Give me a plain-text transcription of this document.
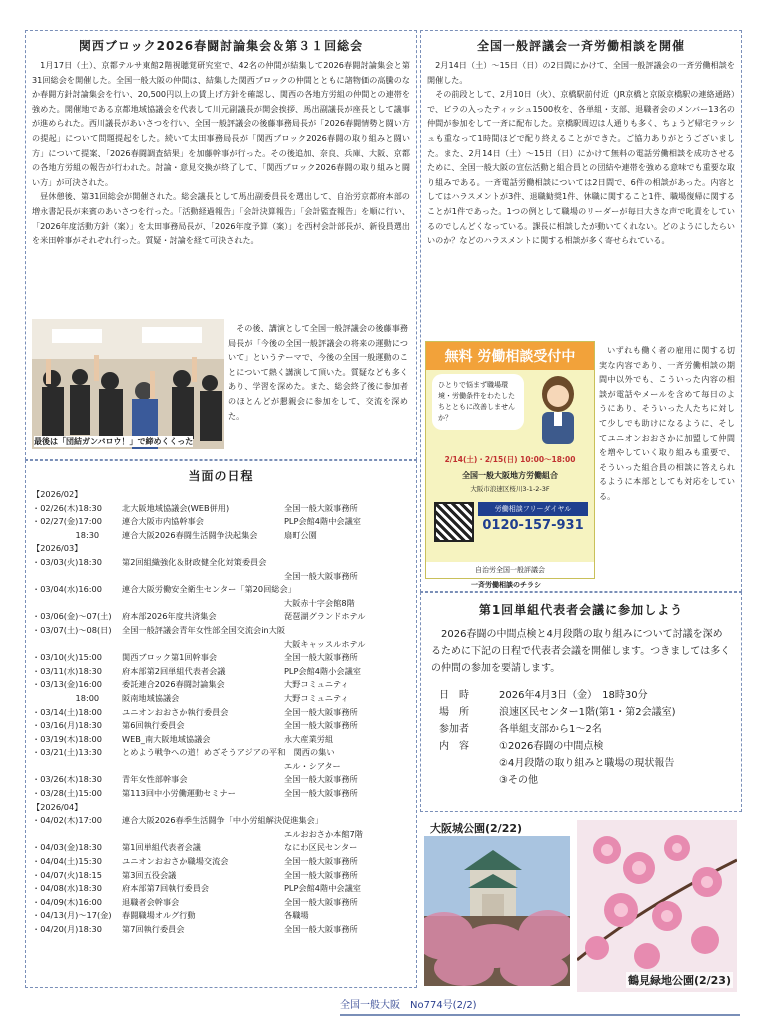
関西ブロック2026春闘討論集会＆第３１回総会

1月17日（土）、京都テルサ東館2階視聴覚研究室で、42名の仲間が結集して2026春闘討論集会と第31回総会を開催した。全国一般大阪の仲間は、結集した関西ブロックの仲間とともに諸物価の高騰のなか春闘方針討論集会を行い、20,500円以上の賃上げ方針を確認し、関西の各地方労組の仲間との連帯を強めた。開催地である京都地域協議会を代表して川元副議長が開会挨拶、馬出副議長が座長として議事が進められた。西川議長があいさつを行い、全国一般評議会の後藤事務局長が「2026春闘情勢と闘い方の提起」について問題提起をした。続いて太田事務局長が「関西ブロック2026春闘の取り組みと闘い方」について提案、「2026春闘調査結果」を加藤幹事が行った。その後追加、奈良、兵庫、大阪、京都の各地方労組の報告が行われた。討論・意見交換が終了して、「関西ブロック2026春闘の取り組みと闘い方」が可決された。

昼休憩後、第31回総会が開催された。総会議長として馬出副委員長を選出して、自治労京都府本部の増永書記長が来賓のあいさつを行った。「活動経過報告」「会計決算報告」「会計監査報告」を順に行い、「2026年度活動方針（案）」を太田事務局長が、「2026年度予算（案）」を西村会計部長が、新役員選出を米田幹事がそれぞれ行った。質疑・討論を経て可決された。

最後は「団結ガンバロウ！」で締めくくった

その後、講演として全国一般評議会の後藤事務局長が「今後の全国一般評議会の将来の運動について」というテーマで、今後の全国一般運動のことについて熱く講演して頂いた。質疑なども多くあり、学習を深めた。また、総会終了後に参加者のほとんどが懇親会に参加をして、交流を深めた。

当面の日程
【2026/02】
・02/26(木)18:30	北大阪地域協議会(WEB併用)	全国一般大阪事務所
・02/27(金)17:00	連合大阪市内協幹事会	PLP会館4階中会議室
　　　　　 18:30	連合大阪2026春闘生活闘争決起集会	扇町公園
【2026/03】
・03/03(火)18:30	第2回組織強化＆財政健全化対策委員会
全国一般大阪事務所
・03/04(水)16:00	連合大阪労働安全衛生センター「第20回総会」
大阪赤十字会館8階
・03/06(金)～07(土)	府本部2026年度共済集会	琵琶湖グランドホテル
・03/07(土)～08(日)	全国一般評議会青年女性部全国交流会in大阪
大阪キャッスルホテル
・03/10(火)15:00	関西ブロック第1回幹事会	全国一般大阪事務所
・03/11(水)18:30	府本部第2回単組代表者会議	PLP会館4階小会議室
・03/13(金)16:00	委託連合2026春闘討論集会	大野コミュニティ
　　　　　 18:00	阪南地域協議会	大野コミュニティ
・03/14(土)18:00	ユニオンおおさか執行委員会	全国一般大阪事務所
・03/16(月)18:30	第6回執行委員会	全国一般大阪事務所
・03/19(木)18:00	WEB_南大阪地域協議会	永大産業労組
・03/21(土)13:30	とめよう戦争への道！めざそうアジアの平和　関西の集い
エル・シアター
・03/26(木)18:30	青年女性部幹事会	全国一般大阪事務所
・03/28(土)15:00	第113回中小労働運動セミナー	全国一般大阪事務所
【2026/04】
・04/02(木)17:00	連合大阪2026春季生活闘争「中小労組解決促進集会」
エルおおさか本館7階
・04/03(金)18:30	第1回単組代表者会議	なにわ区民センター
・04/04(土)15:30	ユニオンおおさか職場交流会	全国一般大阪事務所
・04/07(火)18:15	第3回五役会議	全国一般大阪事務所
・04/08(水)18:30	府本部第7回執行委員会	PLP会館4階中会議室
・04/09(木)16:00	退職者会幹事会	全国一般大阪事務所
・04/13(月)～17(金)	春闘職場オルグ行動	各職場
・04/20(月)18:30	第7回執行委員会	全国一般大阪事務所
全国一般評議会一斉労働相談を開催

2月14日（土）～15日（日）の2日間にかけて、全国一般評議会の一斉労働相談を開催した。

その前段として、2月10日（火）、京橋駅前付近（JR京橋と京阪京橋駅の連絡通路）で、ビラの入ったティッシュ1500枚を、各単組・支部、退職者会のメンバー13名の仲間が参加をして一斉に配布した。京橋駅周辺は人通りも多く、ちょうど帰宅ラッシュも重なって1時間ほどで配り終えることができた。ご協力ありがとうございました。また、2月14日（土）～15日（日）にかけて無料の電話労働相談を成功させるために、全国一般大阪の宣伝活動と組合員との団結や連帯を強める意味でも重要な取り組みである。一斉電話労働相談については2日間で、6件の相談があった。内容としてはハラスメントが3件、退職勧奨1件、休職に関すること1件、職場復帰に関することが1件であった。1つの例として職場のリーダーが毎日大きな声で叱責をしているのでしんどくなっている。課長に相談したが動いてくれない。どのようにしたらいいのか？などのハラスメントに関する相談が多く寄せられている。

無料 労働相談受付中
ひとりで悩まず職場環境・労働条件をわたしたちとともに改善しませんか？
2/14(土)・2/15(日) 10:00～18:00
全国一般大阪地方労働組合
大阪市浪速区桜川3-1-2-3F
労働相談フリーダイヤル
0120-157-931
自治労全国一般評議会
一斉労働相談のチラシ

いずれも働く者の雇用に関する切実な内容であり、一斉労働相談の期間中以外でも、こういった内容の相談が電話やメールを含めて毎日のようにあり、そういった人たちに対して少しでも助けになるように、そしてユニオンおおさかに加盟して仲間を増やしていく取り組みも重要で、そういった組合員の相談に答えられるように本部としても対応をしている。

第1回単組代表者会議に参加しよう

2026春闘の中間点検と4月段階の取り組みについて討議を深めるために下記の日程で代表者会議を開催します。つきましては多くの仲間の参加を要請します。

日　時	2026年4月3日（金）　18時30分
場　所	浪速区民センター1階(第1・第2会議室)
参加者	各単組支部から1～2名
内　容	①2026春闘の中間点検
	②4月段階の取り組みと職場の現状報告
	③その他
大阪城公園(2/22)
鶴見緑地公園(2/23)
全国一般大阪　No774号(2/2)
